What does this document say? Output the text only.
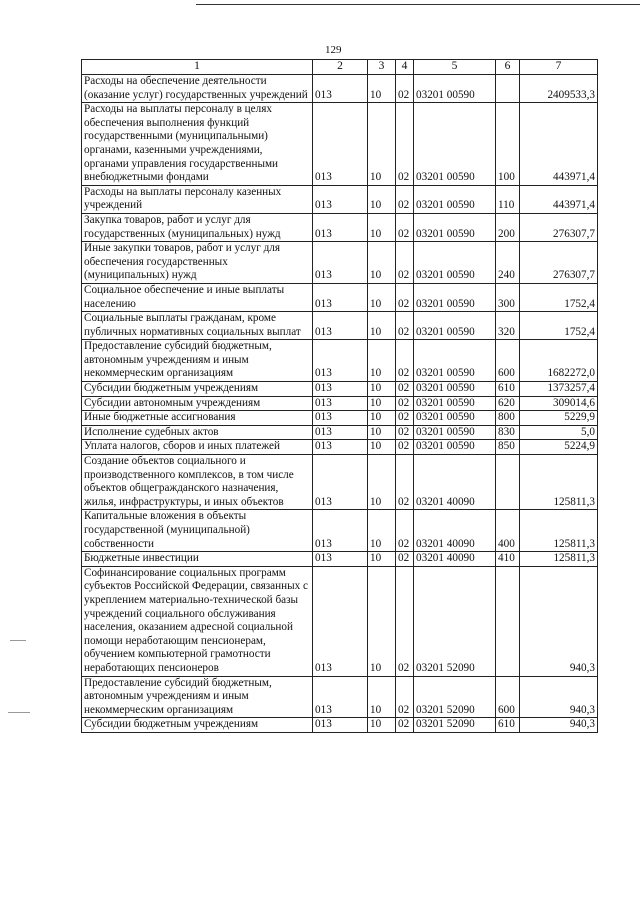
129
1	2	3	4	5	6	7
Расходы на обеспечение деятельности (оказание услуг) государственных учреждений	013	10	02	03201 00590		2409533,3
Расходы на выплаты персоналу в целях обеспечения выполнения функций государственными (муниципальными) органами, казенными учреждениями, органами управления государственными внебюджетными фондами	013	10	02	03201 00590	100	443971,4
Расходы на выплаты персоналу казенных учреждений	013	10	02	03201 00590	110	443971,4
Закупка товаров, работ и услуг для государственных (муниципальных) нужд	013	10	02	03201 00590	200	276307,7
Иные закупки товаров, работ и услуг для обеспечения государственных (муниципальных) нужд	013	10	02	03201 00590	240	276307,7
Социальное обеспечение и иные выплаты населению	013	10	02	03201 00590	300	1752,4
Социальные выплаты гражданам, кроме публичных нормативных социальных выплат	013	10	02	03201 00590	320	1752,4
Предоставление субсидий бюджетным, автономным учреждениям и иным некоммерческим организациям	013	10	02	03201 00590	600	1682272,0
Субсидии бюджетным учреждениям	013	10	02	03201 00590	610	1373257,4
Субсидии автономным учреждениям	013	10	02	03201 00590	620	309014,6
Иные бюджетные ассигнования	013	10	02	03201 00590	800	5229,9
Исполнение судебных актов	013	10	02	03201 00590	830	5,0
Уплата налогов, сборов и иных платежей	013	10	02	03201 00590	850	5224,9
Создание объектов социального и производственного комплексов, в том числе объектов общегражданского назначения, жилья, инфраструктуры, и иных объектов	013	10	02	03201 40090		125811,3
Капитальные вложения в объекты государственной (муниципальной) собственности	013	10	02	03201 40090	400	125811,3
Бюджетные инвестиции	013	10	02	03201 40090	410	125811,3
Софинансирование социальных программ субъектов Российской Федерации, связанных с укреплением материально-технической базы учреждений социального обслуживания населения, оказанием адресной социальной помощи неработающим пенсионерам, обучением компьютерной грамотности неработающих пенсионеров	013	10	02	03201 52090		940,3
Предоставление субсидий бюджетным, автономным учреждениям и иным некоммерческим организациям	013	10	02	03201 52090	600	940,3
Субсидии бюджетным учреждениям	013	10	02	03201 52090	610	940,3
